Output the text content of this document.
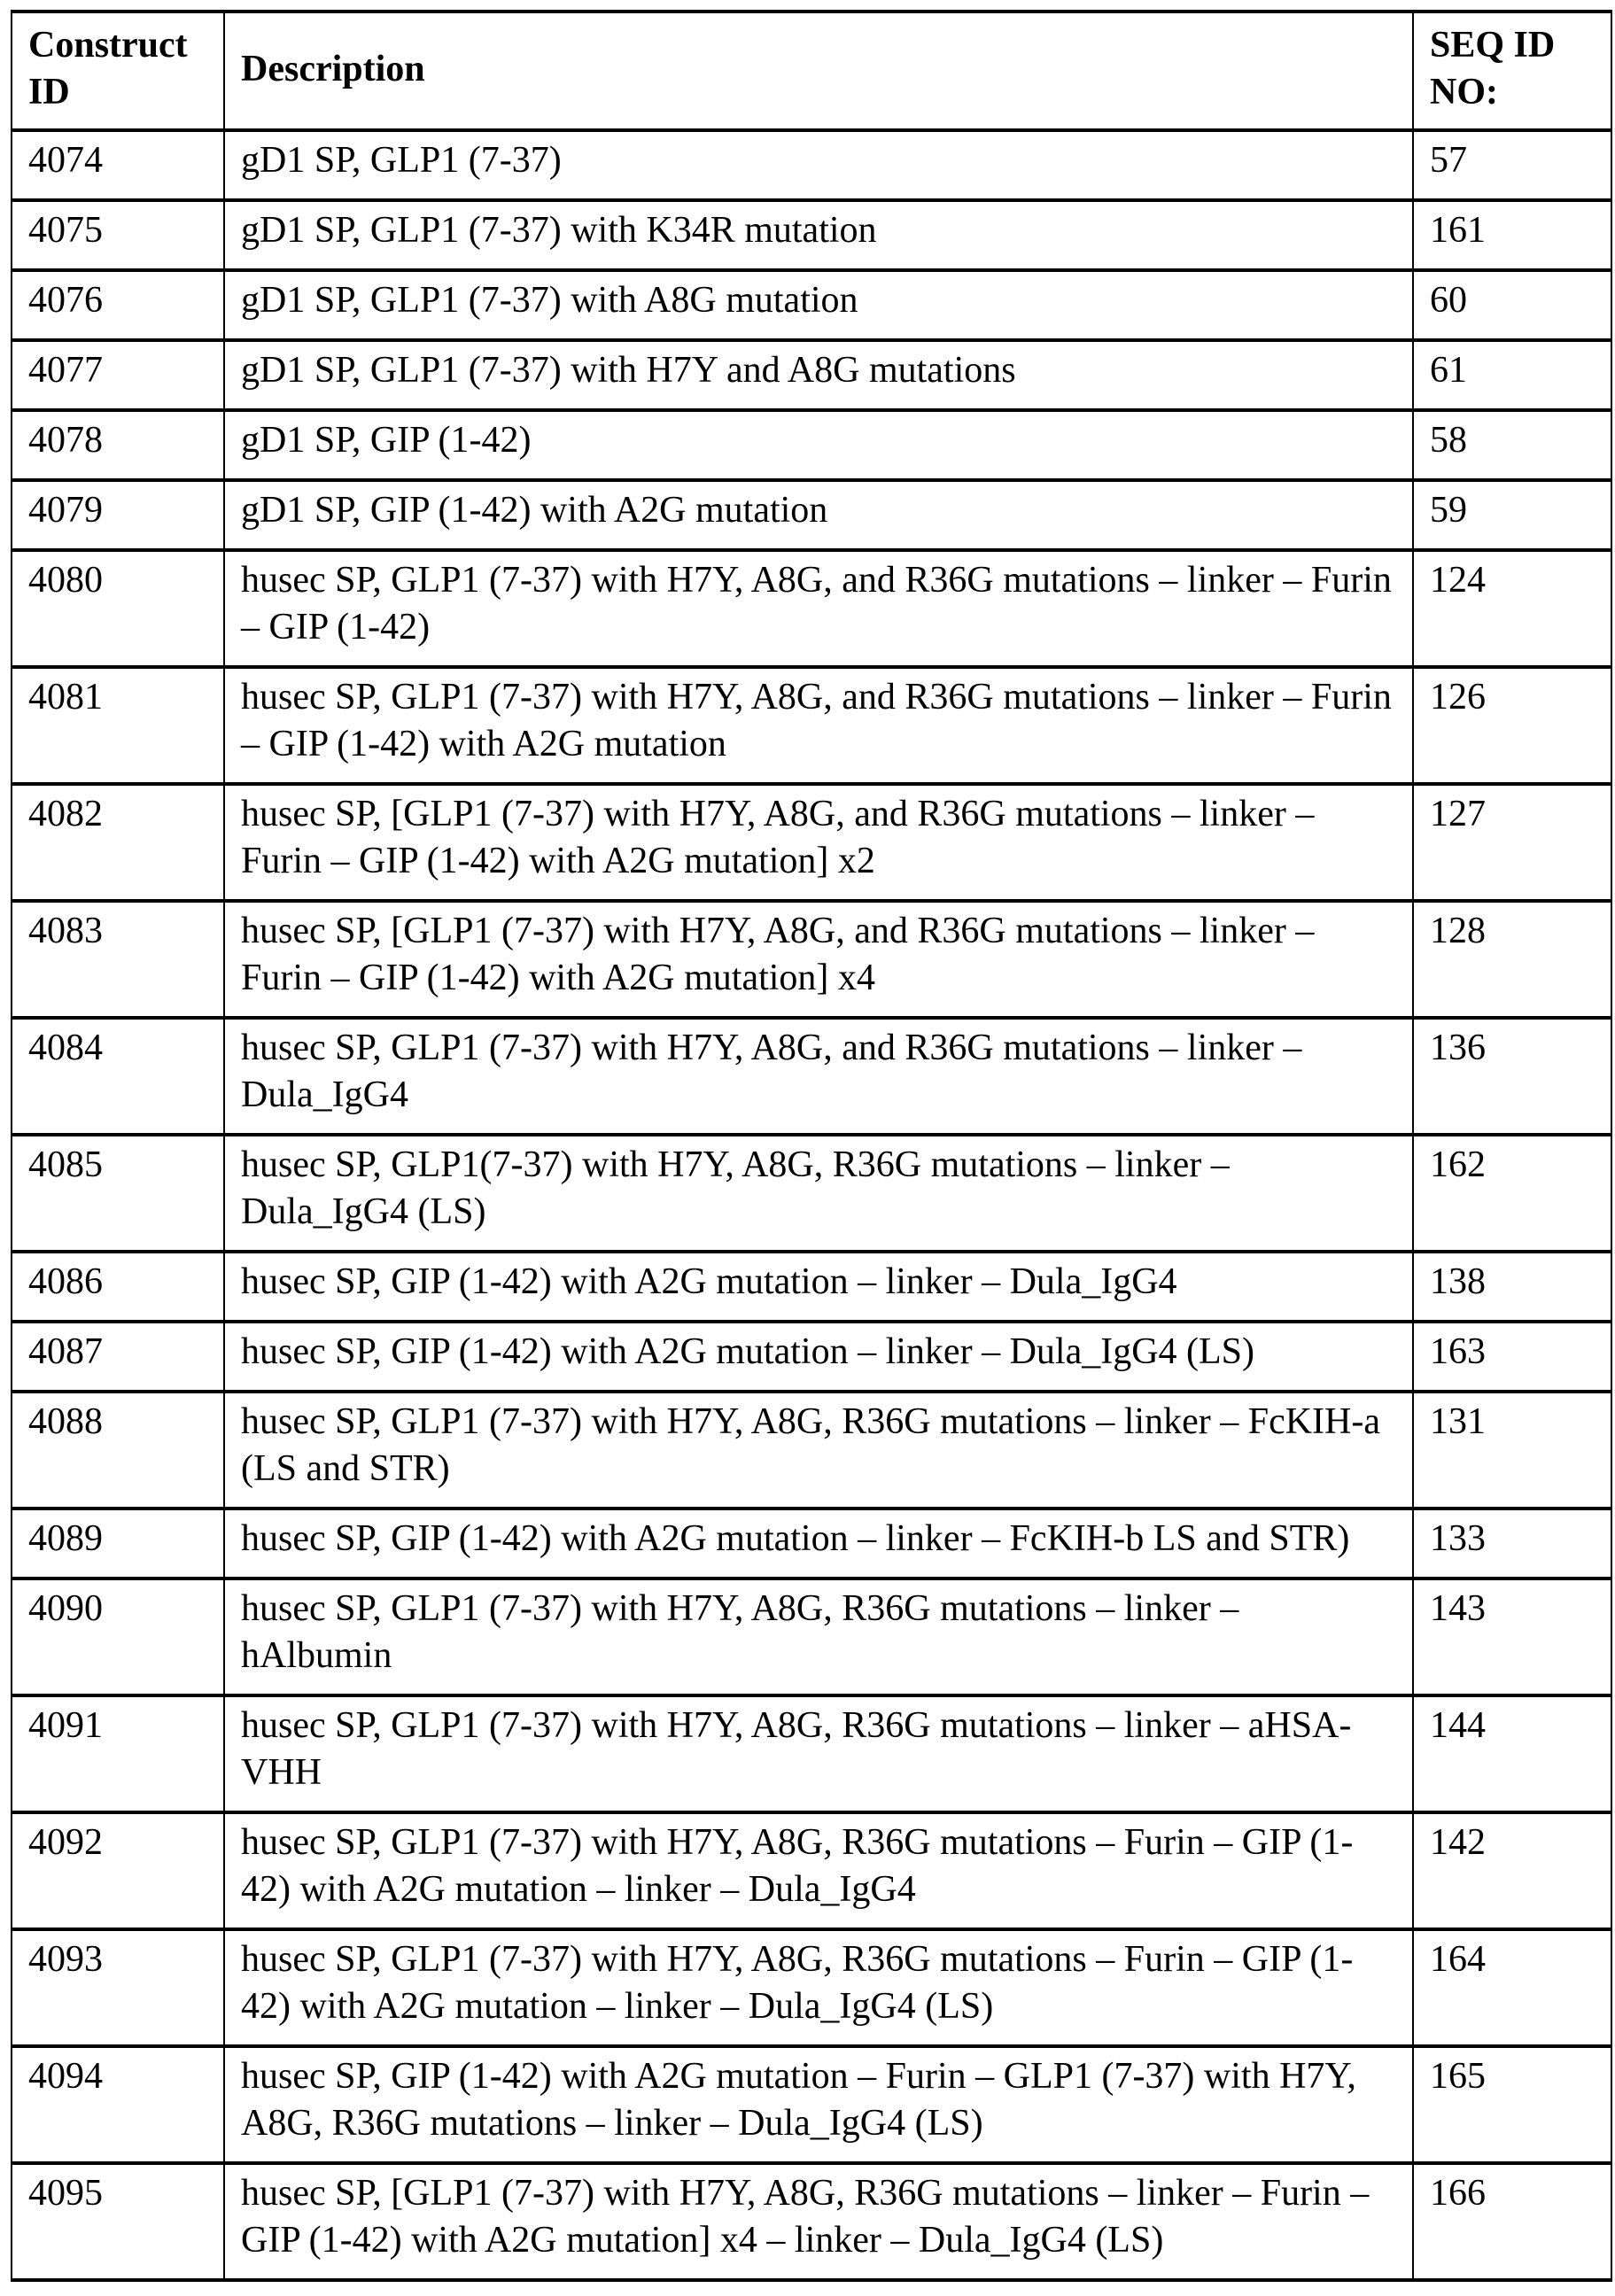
Construct ID	Description	SEQ ID NO:
4074	gD1 SP, GLP1 (7-37)	57
4075	gD1 SP, GLP1 (7-37) with K34R mutation	161
4076	gD1 SP, GLP1 (7-37) with A8G mutation	60
4077	gD1 SP, GLP1 (7-37) with H7Y and A8G mutations	61
4078	gD1 SP, GIP (1-42)	58
4079	gD1 SP, GIP (1-42) with A2G mutation	59
4080	husec SP, GLP1 (7-37) with H7Y, A8G, and R36G mutations – linker – Furin – GIP (1-42)	124
4081	husec SP, GLP1 (7-37) with H7Y, A8G, and R36G mutations – linker – Furin – GIP (1-42) with A2G mutation	126
4082	husec SP, [GLP1 (7-37) with H7Y, A8G, and R36G mutations – linker – Furin – GIP (1-42) with A2G mutation] x2	127
4083	husec SP, [GLP1 (7-37) with H7Y, A8G, and R36G mutations – linker – Furin – GIP (1-42) with A2G mutation] x4	128
4084	husec SP, GLP1 (7-37) with H7Y, A8G, and R36G mutations – linker – Dula_IgG4	136
4085	husec SP, GLP1(7-37) with H7Y, A8G, R36G mutations – linker – Dula_IgG4 (LS)	162
4086	husec SP, GIP (1-42) with A2G mutation – linker – Dula_IgG4	138
4087	husec SP, GIP (1-42) with A2G mutation – linker – Dula_IgG4 (LS)	163
4088	husec SP, GLP1 (7-37) with H7Y, A8G, R36G mutations – linker – FcKIH-a (LS and STR)	131
4089	husec SP, GIP (1-42) with A2G mutation – linker – FcKIH-b LS and STR)	133
4090	husec SP, GLP1 (7-37) with H7Y, A8G, R36G mutations – linker – hAlbumin	143
4091	husec SP, GLP1 (7-37) with H7Y, A8G, R36G mutations – linker – aHSA-VHH	144
4092	husec SP, GLP1 (7-37) with H7Y, A8G, R36G mutations – Furin – GIP (1-42) with A2G mutation – linker – Dula_IgG4	142
4093	husec SP, GLP1 (7-37) with H7Y, A8G, R36G mutations – Furin – GIP (1-42) with A2G mutation – linker – Dula_IgG4 (LS)	164
4094	husec SP, GIP (1-42) with A2G mutation – Furin – GLP1 (7-37) with H7Y, A8G, R36G mutations – linker – Dula_IgG4 (LS)	165
4095	husec SP, [GLP1 (7-37) with H7Y, A8G, R36G mutations – linker – Furin – GIP (1-42) with A2G mutation] x4 – linker – Dula_IgG4 (LS)	166
